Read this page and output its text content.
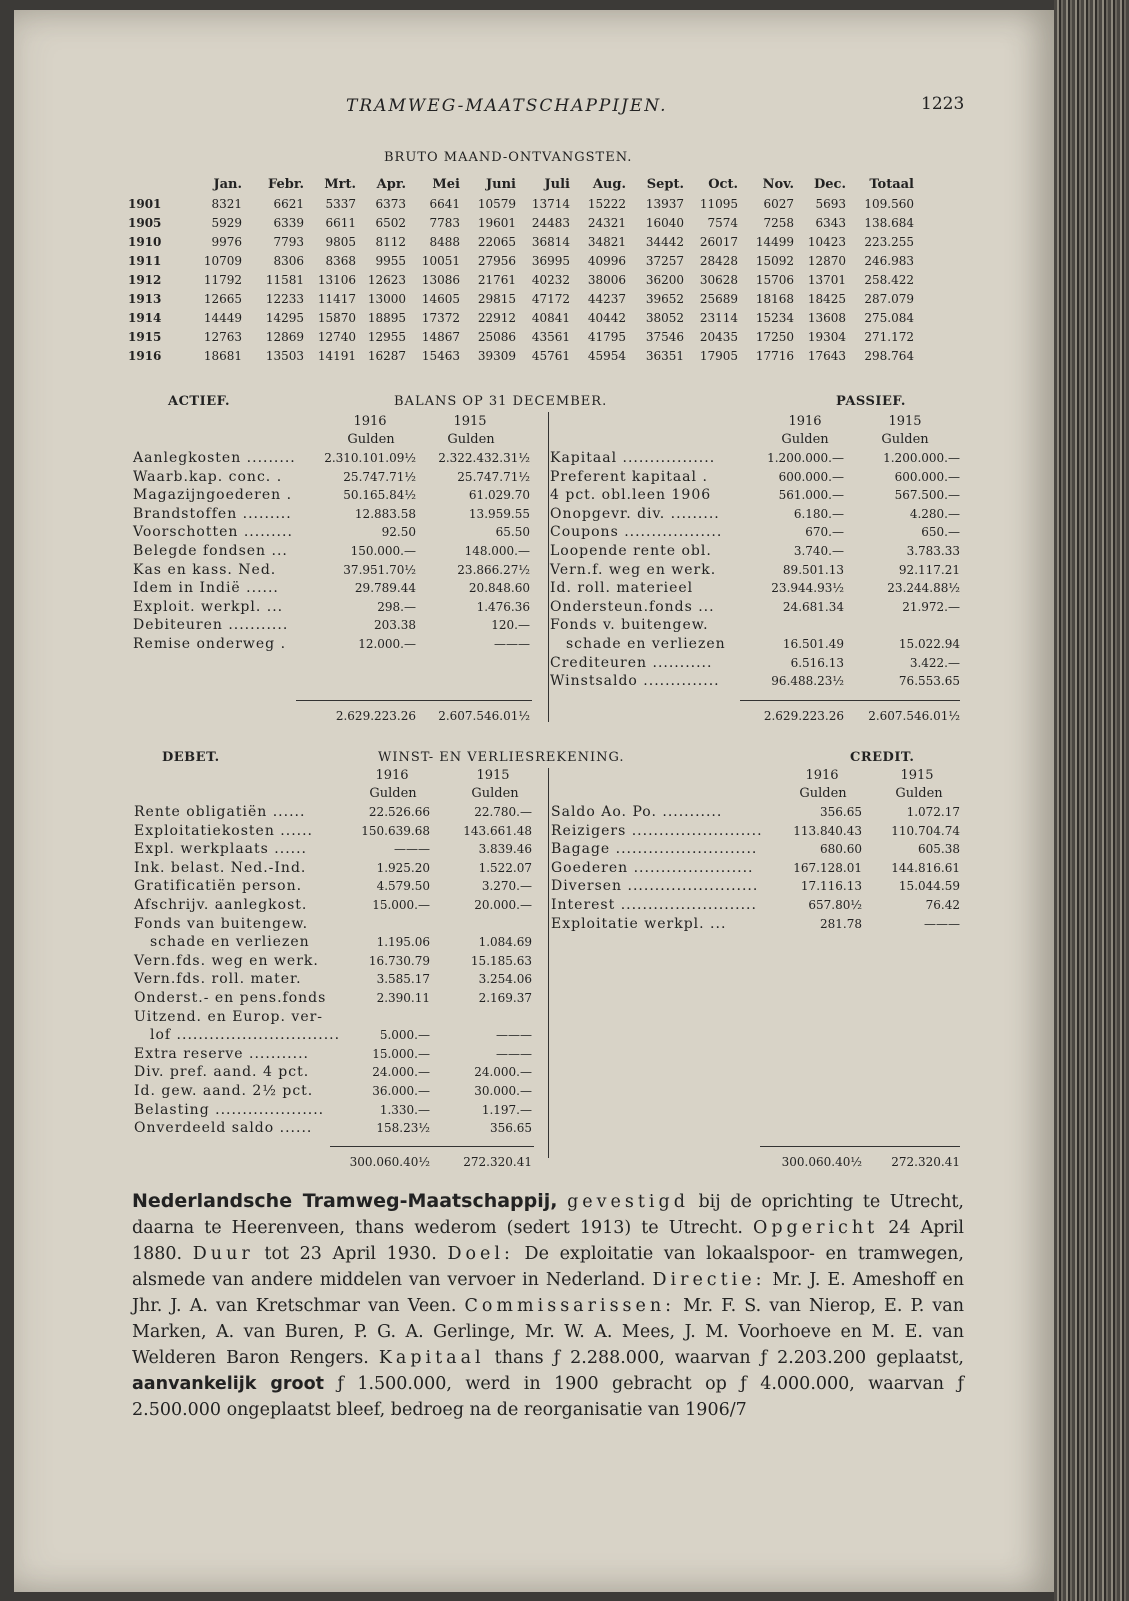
TRAMWEG-MAATSCHAPPIJEN.	1223
BRUTO MAAND-ONTVANGSTEN.
	Jan.	Febr.	Mrt.	Apr.	Mei	Juni	Juli	Aug.	Sept.	Oct.	Nov.	Dec.	Totaal
1901	8321	6621	5337	6373	6641	10579	13714	15222	13937	11095	6027	5693	109.560
1905	5929	6339	6611	6502	7783	19601	24483	24321	16040	7574	7258	6343	138.684
1910	9976	7793	9805	8112	8488	22065	36814	34821	34442	26017	14499	10423	223.255
1911	10709	8306	8368	9955	10051	27956	36995	40996	37257	28428	15092	12870	246.983
1912	11792	11581	13106	12623	13086	21761	40232	38006	36200	30628	15706	13701	258.422
1913	12665	12233	11417	13000	14605	29815	47172	44237	39652	25689	18168	18425	287.079
1914	14449	14295	15870	18895	17372	22912	40841	40442	38052	23114	15234	13608	275.084
1915	12763	12869	12740	12955	14867	25086	43561	41795	37546	20435	17250	19304	271.172
1916	18681	13503	14191	16287	15463	39309	45761	45954	36351	17905	17716	17643	298.764
ACTIEF.	BALANS OP 31 DECEMBER.	PASSIEF.
1916	1915
Gulden	Gulden
1916	1915
Gulden	Gulden
Aanlegkosten .........	2.310.101.09½	2.322.432.31½
Waarb.kap. conc. .	25.747.71½	25.747.71½
Magazijngoederen .	50.165.84½	61.029.70
Brandstoffen .........	12.883.58	13.959.55
Voorschotten .........	92.50	65.50
Belegde fondsen ...	150.000.—	148.000.—
Kas en kass. Ned.	37.951.70½	23.866.27½
Idem in Indië ......	29.789.44	20.848.60
Exploit. werkpl. ...	298.—	1.476.36
Debiteuren ...........	203.38	120.—
Remise onderweg .	12.000.—	———
Kapitaal .................	1.200.000.—	1.200.000.—
Preferent kapitaal .	600.000.—	600.000.—
4 pct. obl.leen 1906	561.000.—	567.500.—
Onopgevr. div. .........	6.180.—	4.280.—
Coupons ..................	670.—	650.—
Loopende rente obl.	3.740.—	3.783.33
Vern.f. weg en werk.	89.501.13	92.117.21
Id. roll. materieel	23.944.93½	23.244.88½
Ondersteun.fonds ...	24.681.34	21.972.—
Fonds v. buitengew.
schade en verliezen	16.501.49	15.022.94
Crediteuren ...........	6.516.13	3.422.—
Winstsaldo ..............	96.488.23½	76.553.65
2.629.223.26	2.607.546.01½	2.629.223.26	2.607.546.01½
DEBET.	WINST- EN VERLIESREKENING.	CREDIT.
1916	1915
Gulden	Gulden
1916	1915
Gulden	Gulden
Rente obligatiën ......	22.526.66	22.780.—
Exploitatiekosten ......	150.639.68	143.661.48
Expl. werkplaats ......	———	3.839.46
Ink. belast. Ned.-Ind.	1.925.20	1.522.07
Gratificatiën person.	4.579.50	3.270.—
Afschrijv. aanlegkost.	15.000.—	20.000.—
Fonds van buitengew.
schade en verliezen	1.195.06	1.084.69
Vern.fds. weg en werk.	16.730.79	15.185.63
Vern.fds. roll. mater.	3.585.17	3.254.06
Onderst.- en pens.fonds	2.390.11	2.169.37
Uitzend. en Europ. ver-
lof ..............................	5.000.—	———
Extra reserve ...........	15.000.—	———
Div. pref. aand. 4 pct.	24.000.—	24.000.—
Id. gew. aand. 2½ pct.	36.000.—	30.000.—
Belasting ....................	1.330.—	1.197.—
Onverdeeld saldo ......	158.23½	356.65
Saldo Ao. Po. ...........	356.65	1.072.17
Reizigers ........................	113.840.43	110.704.74
Bagage ..........................	680.60	605.38
Goederen ......................	167.128.01	144.816.61
Diversen ........................	17.116.13	15.044.59
Interest .........................	657.80½	76.42
Exploitatie werkpl. ...	281.78	———
300.060.40½	272.320.41	300.060.40½	272.320.41
Nederlandsche Tramweg-Maatschappij, gevestigd bij de oprichting te Utrecht, daarna te Heerenveen, thans wederom (sedert 1913) te Utrecht. Opgericht 24 April 1880. Duur tot 23 April 1930. Doel: De exploitatie van lokaalspoor- en tramwegen, alsmede van andere middelen van vervoer in Nederland. Directie: Mr. J. E. Ameshoff en Jhr. J. A. van Kretschmar van Veen. Commissarissen: Mr. F. S. van Nierop, E. P. van Marken, A. van Buren, P. G. A. Gerlinge, Mr. W. A. Mees, J. M. Voorhoeve en M. E. van Welderen Baron Rengers. Kapitaal thans ƒ 2.288.000, waarvan ƒ 2.203.200 geplaatst, aanvankelijk groot ƒ 1.500.000, werd in 1900 gebracht op ƒ 4.000.000, waarvan ƒ 2.500.000 ongeplaatst bleef, bedroeg na de reorganisatie van 1906/7
